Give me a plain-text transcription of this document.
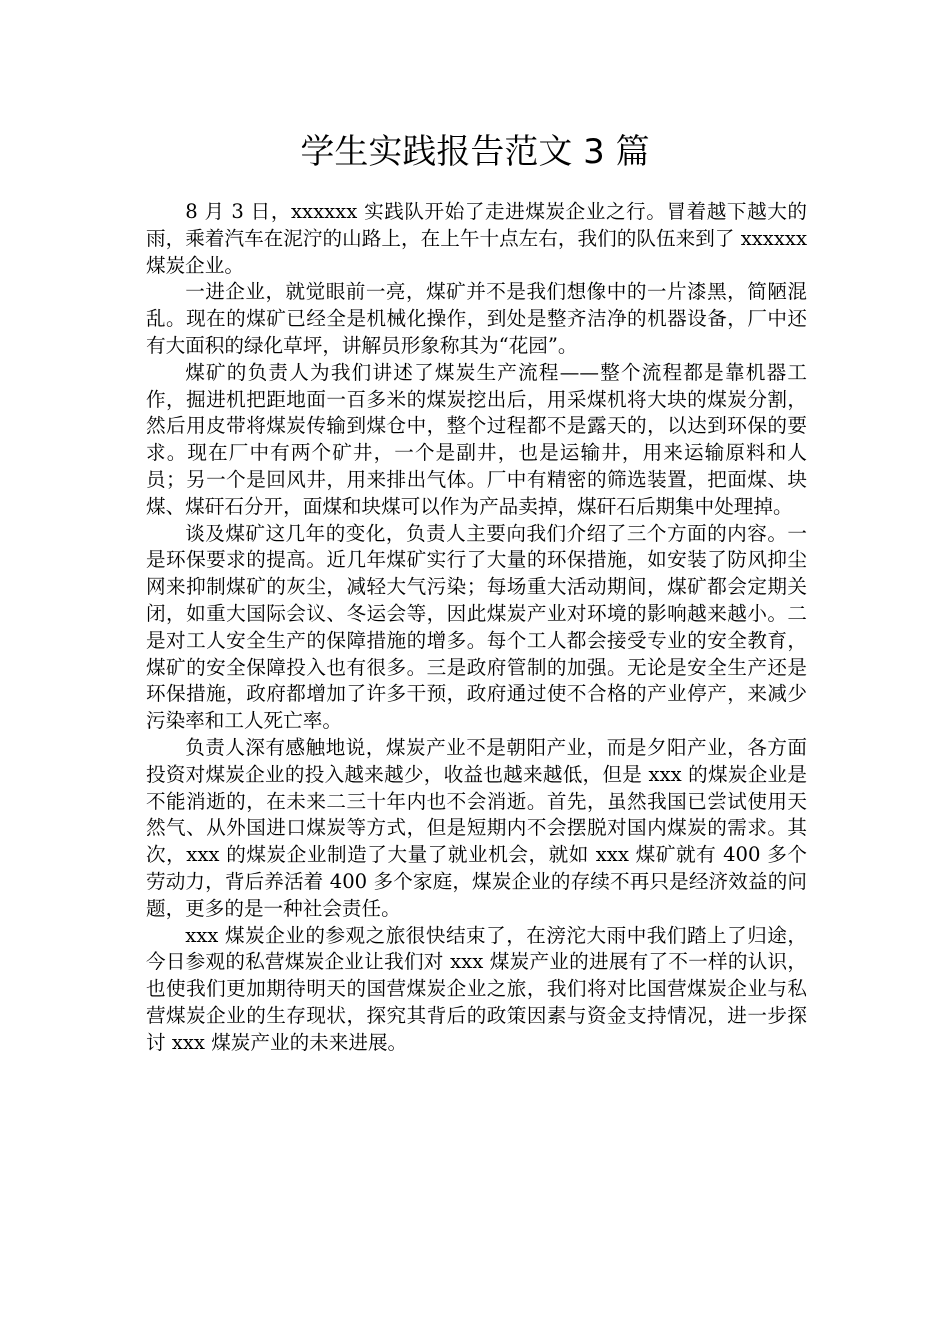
学生实践报告范文 3 篇

8 月 3 日，xxxxxx 实践队开始了走进煤炭企业之行。冒着越下越大的雨，乘着汽车在泥泞的山路上，在上午十点左右，我们的队伍来到了 xxxxxx 煤炭企业。

一进企业，就觉眼前一亮，煤矿并不是我们想像中的一片漆黑，简陋混乱。现在的煤矿已经全是机械化操作，到处是整齐洁净的机器设备，厂中还有大面积的绿化草坪，讲解员形象称其为“花园”。

煤矿的负责人为我们讲述了煤炭生产流程——整个流程都是靠机器工作，掘进机把距地面一百多米的煤炭挖出后，用采煤机将大块的煤炭分割，然后用皮带将煤炭传输到煤仓中，整个过程都不是露天的，以达到环保的要求。现在厂中有两个矿井，一个是副井，也是运输井，用来运输原料和人员；另一个是回风井，用来排出气体。厂中有精密的筛选装置，把面煤、块煤、煤矸石分开，面煤和块煤可以作为产品卖掉，煤矸石后期集中处理掉。

谈及煤矿这几年的变化，负责人主要向我们介绍了三个方面的内容。一是环保要求的提高。近几年煤矿实行了大量的环保措施，如安装了防风抑尘网来抑制煤矿的灰尘，减轻大气污染；每场重大活动期间，煤矿都会定期关闭，如重大国际会议、冬运会等，因此煤炭产业对环境的影响越来越小。二是对工人安全生产的保障措施的增多。每个工人都会接受专业的安全教育，煤矿的安全保障投入也有很多。三是政府管制的加强。无论是安全生产还是环保措施，政府都增加了许多干预，政府通过使不合格的产业停产，来减少污染率和工人死亡率。

负责人深有感触地说，煤炭产业不是朝阳产业，而是夕阳产业，各方面投资对煤炭企业的投入越来越少，收益也越来越低，但是 xxx 的煤炭企业是不能消逝的，在未来二三十年内也不会消逝。首先，虽然我国已尝试使用天然气、从外国进口煤炭等方式，但是短期内不会摆脱对国内煤炭的需求。其次，xxx 的煤炭企业制造了大量了就业机会，就如 xxx 煤矿就有 400 多个劳动力，背后养活着 400 多个家庭，煤炭企业的存续不再只是经济效益的问题，更多的是一种社会责任。

xxx 煤炭企业的参观之旅很快结束了，在滂沱大雨中我们踏上了归途，今日参观的私营煤炭企业让我们对 xxx 煤炭产业的进展有了不一样的认识，也使我们更加期待明天的国营煤炭企业之旅，我们将对比国营煤炭企业与私营煤炭企业的生存现状，探究其背后的政策因素与资金支持情况，进一步探讨 xxx 煤炭产业的未来进展。
